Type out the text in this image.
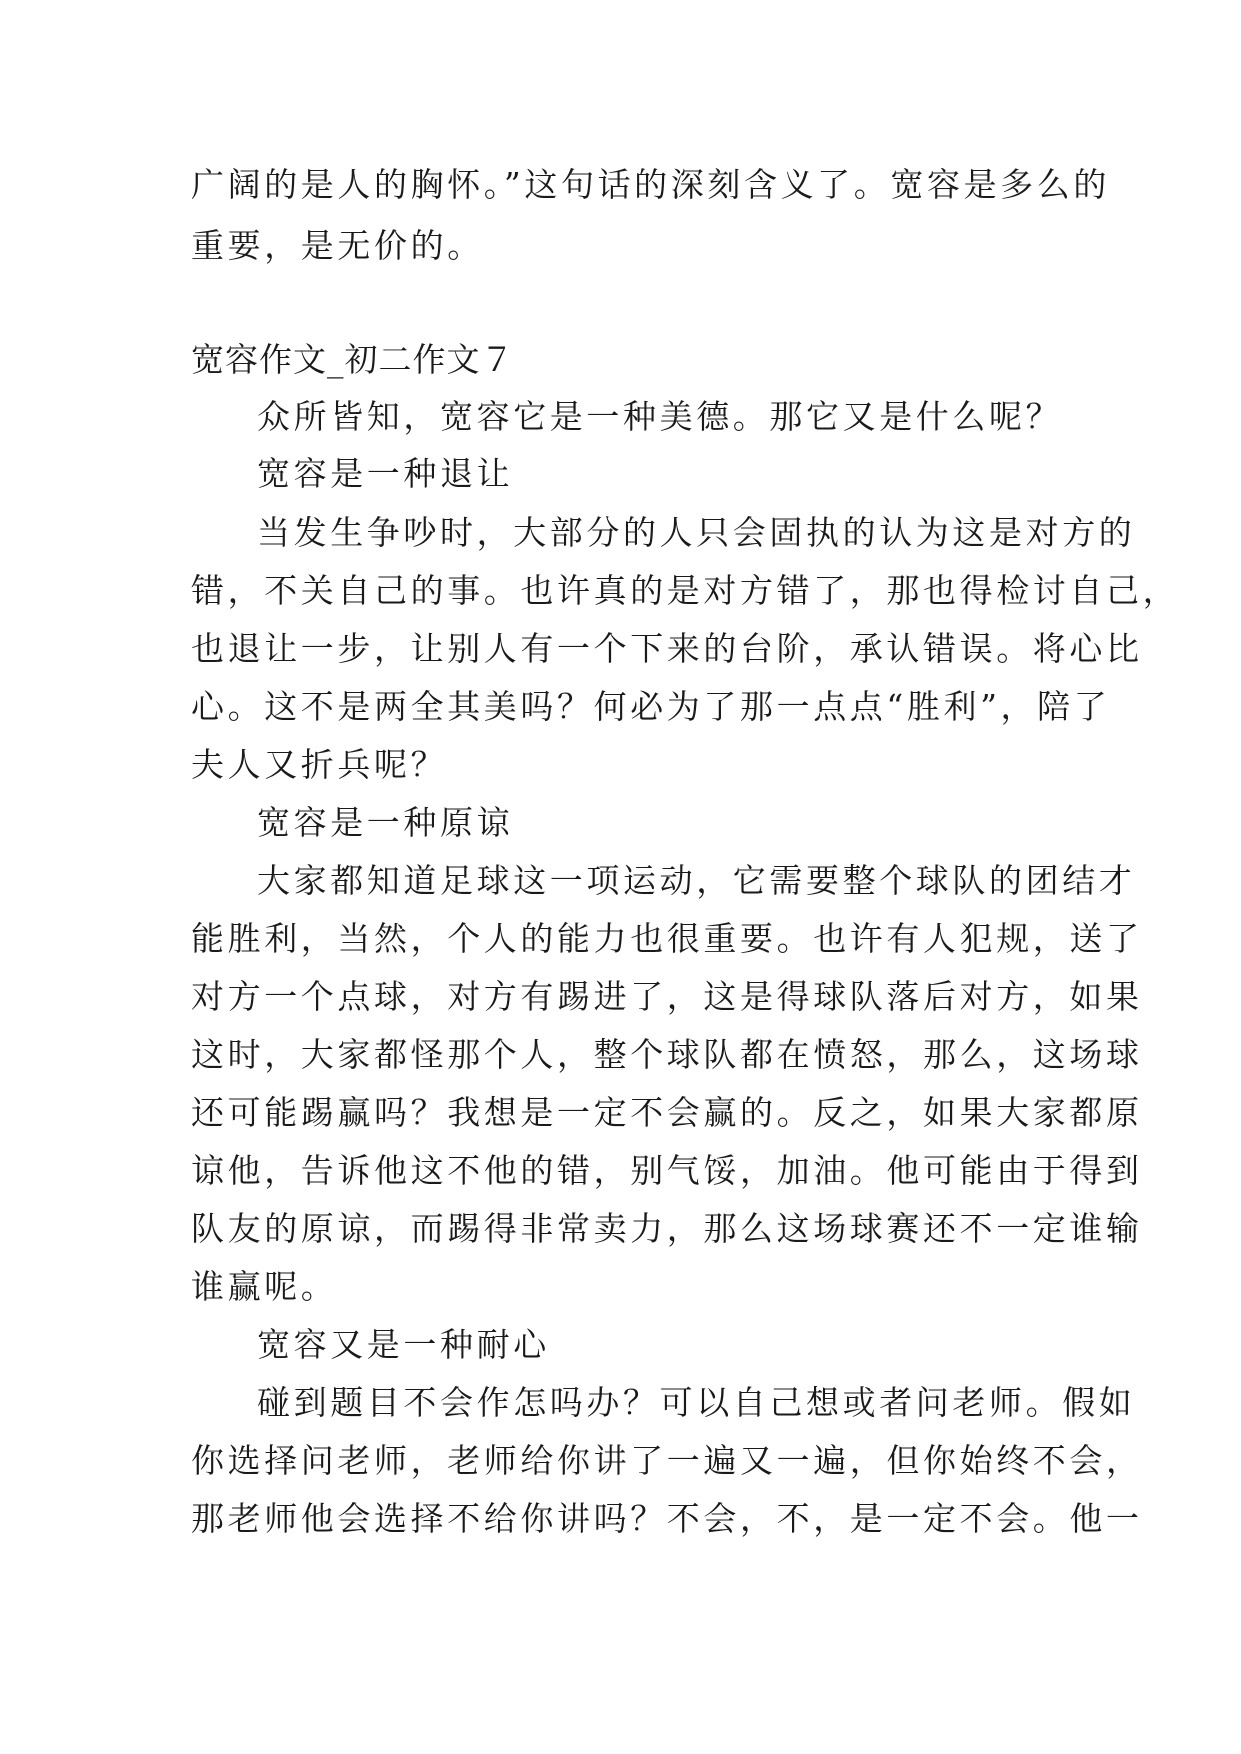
广阔的是人的胸怀。”这句话的深刻含义了。宽容是多么的
重要，是无价的。
宽容作文_初二作文７
众所皆知，宽容它是一种美德。那它又是什么呢？
宽容是一种退让
当发生争吵时，大部分的人只会固执的认为这是对方的
错，不关自己的事。也许真的是对方错了，那也得检讨自己，
也退让一步，让别人有一个下来的台阶，承认错误。将心比
心。这不是两全其美吗？何必为了那一点点“胜利”，陪了
夫人又折兵呢？
宽容是一种原谅
大家都知道足球这一项运动，它需要整个球队的团结才
能胜利，当然，个人的能力也很重要。也许有人犯规，送了
对方一个点球，对方有踢进了，这是得球队落后对方，如果
这时，大家都怪那个人，整个球队都在愤怒，那么，这场球
还可能踢赢吗？我想是一定不会赢的。反之，如果大家都原
谅他，告诉他这不他的错，别气馁，加油。他可能由于得到
队友的原谅，而踢得非常卖力，那么这场球赛还不一定谁输
谁赢呢。
宽容又是一种耐心
碰到题目不会作怎吗办？可以自己想或者问老师。假如
你选择问老师，老师给你讲了一遍又一遍，但你始终不会，
那老师他会选择不给你讲吗？不会，不，是一定不会。他一
